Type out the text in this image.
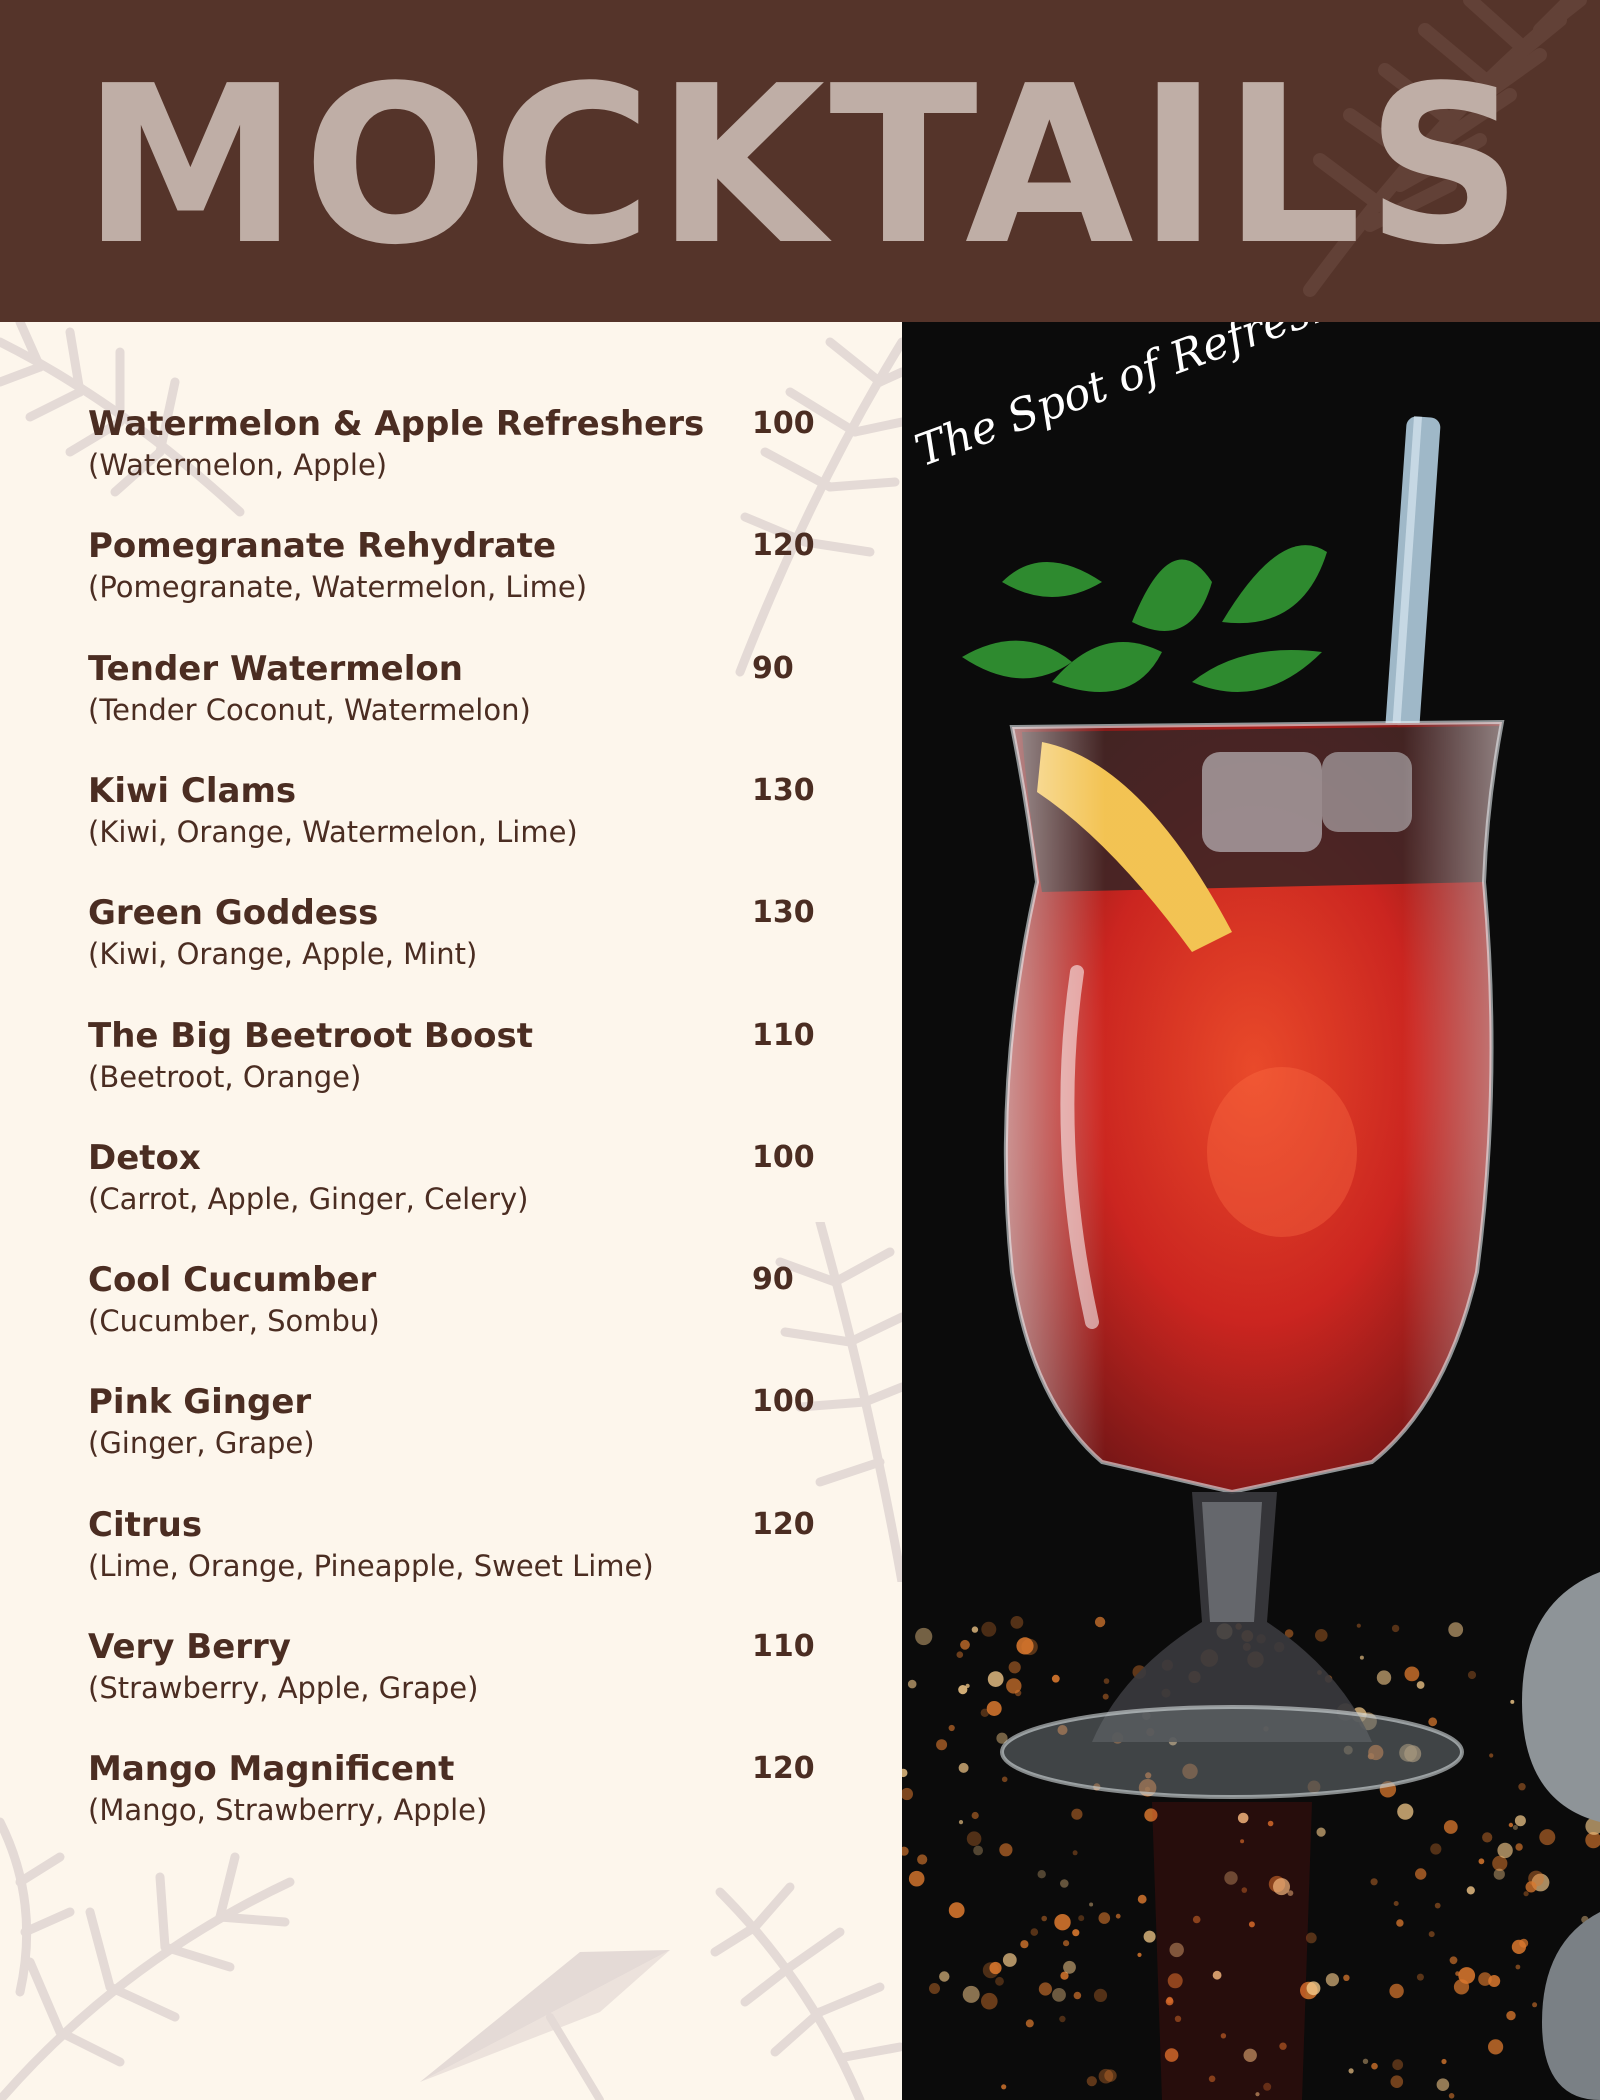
MOCKTAILS
Watermelon & Apple Refreshers
(Watermelon, Apple)
100
Pomegranate Rehydrate
(Pomegranate, Watermelon, Lime)
120
Tender Watermelon
(Tender Coconut, Watermelon)
90
Kiwi Clams
(Kiwi, Orange, Watermelon, Lime)
130
Green Goddess
(Kiwi, Orange, Apple, Mint)
130
The Big Beetroot Boost
(Beetroot, Orange)
110
Detox
(Carrot, Apple, Ginger, Celery)
100
Cool Cucumber
(Cucumber, Sombu)
90
Pink Ginger
(Ginger, Grape)
100
Citrus
(Lime, Orange, Pineapple, Sweet Lime)
120
Very Berry
(Strawberry, Apple, Grape)
110
Mango Magnificent
(Mango, Strawberry, Apple)
120
